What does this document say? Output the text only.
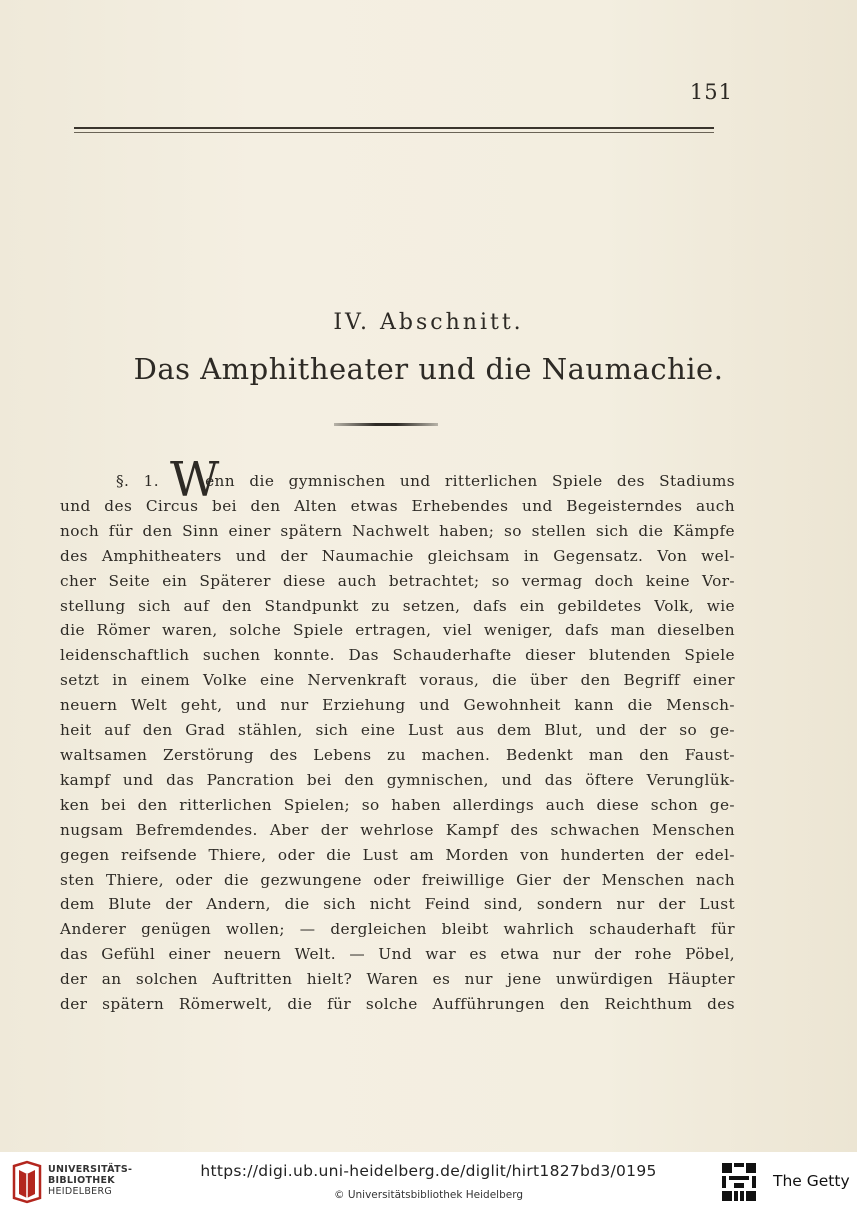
151
IV. Abschnitt.
Das Amphitheater und die Naumachie.
W
§. 1.	enn die gymnischen und ritterlichen Spiele des Stadiums
und des Circus bei den Alten etwas Erhebendes und Begeisterndes auch
noch für den Sinn einer spätern Nachwelt haben; so stellen sich die Kämpfe
des Amphitheaters und der Naumachie gleichsam in Gegensatz. Von wel-
cher Seite ein Späterer diese auch betrachtet; so vermag doch keine Vor-
stellung sich auf den Standpunkt zu setzen, dafs ein gebildetes Volk, wie
die Römer waren, solche Spiele ertragen, viel weniger, dafs man dieselben
leidenschaftlich suchen konnte. Das Schauderhafte dieser blutenden Spiele
setzt in einem Volke eine Nervenkraft voraus, die über den Begriff einer
neuern Welt geht, und nur Erziehung und Gewohnheit kann die Mensch-
heit auf den Grad stählen, sich eine Lust aus dem Blut, und der so ge-
waltsamen Zerstörung des Lebens zu machen. Bedenkt man den Faust-
kampf und das Pancration bei den gymnischen, und das öftere Verunglük-
ken bei den ritterlichen Spielen; so haben allerdings auch diese schon ge-
nugsam Befremdendes. Aber der wehrlose Kampf des schwachen Menschen
gegen reifsende Thiere, oder die Lust am Morden von hunderten der edel-
sten Thiere, oder die gezwungene oder freiwillige Gier der Menschen nach
dem Blute der Andern, die sich nicht Feind sind, sondern nur der Lust
Anderer genügen wollen; — dergleichen bleibt wahrlich schauderhaft für
das Gefühl einer neuern Welt. — Und war es etwa nur der rohe Pöbel,
der an solchen Auftritten hielt? Waren es nur jene unwürdigen Häupter
der spätern Römerwelt, die für solche Aufführungen den Reichthum des
UNIVERSITÄTS-
BIBLIOTHEK
HEIDELBERG
https://digi.ub.uni-heidelberg.de/diglit/hirt1827bd3/0195
© Universitätsbibliothek Heidelberg
The Getty
